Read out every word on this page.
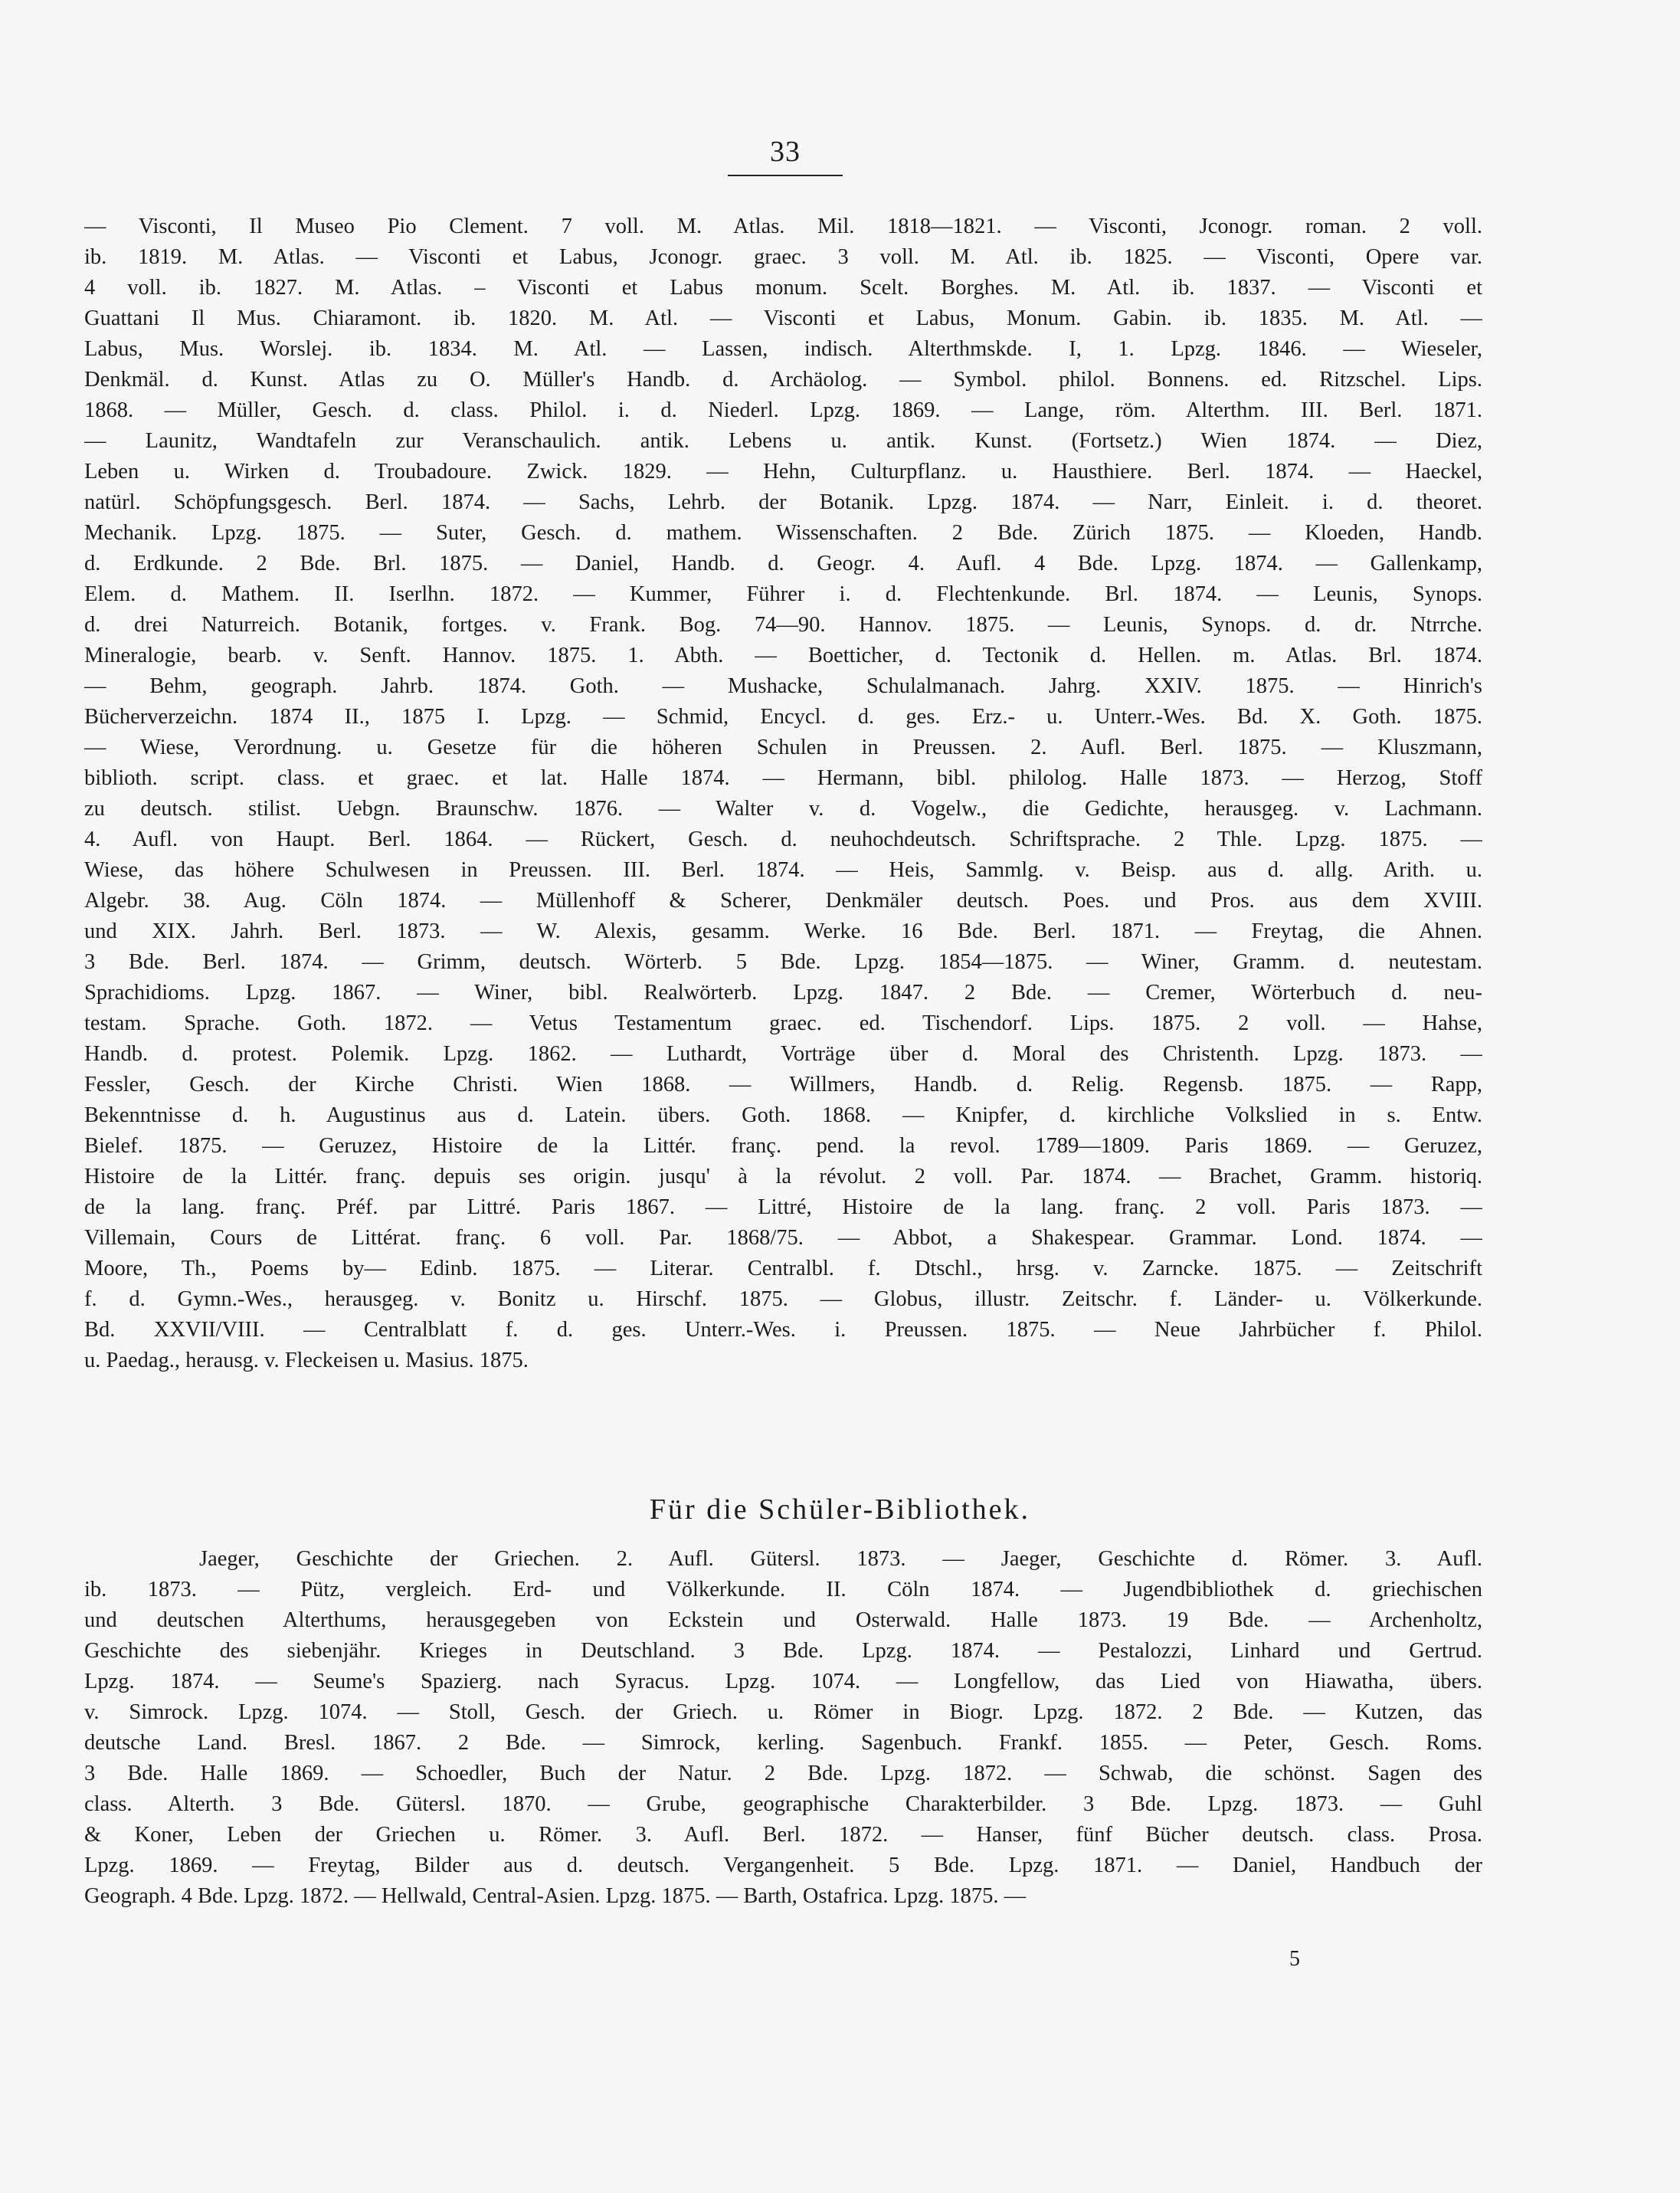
33
— Visconti, Il Museo Pio Clement. 7 voll. M. Atlas. Mil. 1818—1821. — Visconti, Jconogr. roman. 2 voll.
ib. 1819. M. Atlas. — Visconti et Labus, Jconogr. graec. 3 voll. M. Atl. ib. 1825. — Visconti, Opere var.
4 voll. ib. 1827. M. Atlas. – Visconti et Labus monum. Scelt. Borghes. M. Atl. ib. 1837. — Visconti et
Guattani Il Mus. Chiaramont. ib. 1820. M. Atl. — Visconti et Labus, Monum. Gabin. ib. 1835. M. Atl. —
Labus, Mus. Worslej. ib. 1834. M. Atl. — Lassen, indisch. Alterthmskde. I, 1. Lpzg. 1846. — Wieseler,
Denkmäl. d. Kunst. Atlas zu O. Müller's Handb. d. Archäolog. — Symbol. philol. Bonnens. ed. Ritzschel. Lips.
1868. — Müller, Gesch. d. class. Philol. i. d. Niederl. Lpzg. 1869. — Lange, röm. Alterthm. III. Berl. 1871.
— Launitz, Wandtafeln zur Veranschaulich. antik. Lebens u. antik. Kunst. (Fortsetz.) Wien 1874. — Diez,
Leben u. Wirken d. Troubadoure. Zwick. 1829. — Hehn, Culturpflanz. u. Hausthiere. Berl. 1874. — Haeckel,
natürl. Schöpfungsgesch. Berl. 1874. — Sachs, Lehrb. der Botanik. Lpzg. 1874. — Narr, Einleit. i. d. theoret.
Mechanik. Lpzg. 1875. — Suter, Gesch. d. mathem. Wissenschaften. 2 Bde. Zürich 1875. — Kloeden, Handb.
d. Erdkunde. 2 Bde. Brl. 1875. — Daniel, Handb. d. Geogr. 4. Aufl. 4 Bde. Lpzg. 1874. — Gallenkamp,
Elem. d. Mathem. II. Iserlhn. 1872. — Kummer, Führer i. d. Flechtenkunde. Brl. 1874. — Leunis, Synops.
d. drei Naturreich. Botanik, fortges. v. Frank. Bog. 74—90. Hannov. 1875. — Leunis, Synops. d. dr. Ntrrche.
Mineralogie, bearb. v. Senft. Hannov. 1875. 1. Abth. — Boetticher, d. Tectonik d. Hellen. m. Atlas. Brl. 1874.
— Behm, geograph. Jahrb. 1874. Goth. — Mushacke, Schulalmanach. Jahrg. XXIV. 1875. — Hinrich's
Bücherverzeichn. 1874 II., 1875 I. Lpzg. — Schmid, Encycl. d. ges. Erz.- u. Unterr.-Wes. Bd. X. Goth. 1875.
— Wiese, Verordnung. u. Gesetze für die höheren Schulen in Preussen. 2. Aufl. Berl. 1875. — Kluszmann,
biblioth. script. class. et graec. et lat. Halle 1874. — Hermann, bibl. philolog. Halle 1873. — Herzog, Stoff
zu deutsch. stilist. Uebgn. Braunschw. 1876. — Walter v. d. Vogelw., die Gedichte, herausgeg. v. Lachmann.
4. Aufl. von Haupt. Berl. 1864. — Rückert, Gesch. d. neuhochdeutsch. Schriftsprache. 2 Thle. Lpzg. 1875. —
Wiese, das höhere Schulwesen in Preussen. III. Berl. 1874. — Heis, Sammlg. v. Beisp. aus d. allg. Arith. u.
Algebr. 38. Aug. Cöln 1874. — Müllenhoff & Scherer, Denkmäler deutsch. Poes. und Pros. aus dem XVIII.
und XIX. Jahrh. Berl. 1873. — W. Alexis, gesamm. Werke. 16 Bde. Berl. 1871. — Freytag, die Ahnen.
3 Bde. Berl. 1874. — Grimm, deutsch. Wörterb. 5 Bde. Lpzg. 1854—1875. — Winer, Gramm. d. neutestam.
Sprachidioms. Lpzg. 1867. — Winer, bibl. Realwörterb. Lpzg. 1847. 2 Bde. — Cremer, Wörterbuch d. neu-
testam. Sprache. Goth. 1872. — Vetus Testamentum graec. ed. Tischendorf. Lips. 1875. 2 voll. — Hahse,
Handb. d. protest. Polemik. Lpzg. 1862. — Luthardt, Vorträge über d. Moral des Christenth. Lpzg. 1873. —
Fessler, Gesch. der Kirche Christi. Wien 1868. — Willmers, Handb. d. Relig. Regensb. 1875. — Rapp,
Bekenntnisse d. h. Augustinus aus d. Latein. übers. Goth. 1868. — Knipfer, d. kirchliche Volkslied in s. Entw.
Bielef. 1875. — Geruzez, Histoire de la Littér. franç. pend. la revol. 1789—1809. Paris 1869. — Geruzez,
Histoire de la Littér. franç. depuis ses origin. jusqu' à la révolut. 2 voll. Par. 1874. — Brachet, Gramm. historiq.
de la lang. franç. Préf. par Littré. Paris 1867. — Littré, Histoire de la lang. franç. 2 voll. Paris 1873. —
Villemain, Cours de Littérat. franç. 6 voll. Par. 1868/75. — Abbot, a Shakespear. Grammar. Lond. 1874. —
Moore, Th., Poems by— Edinb. 1875. — Literar. Centralbl. f. Dtschl., hrsg. v. Zarncke. 1875. — Zeitschrift
f. d. Gymn.-Wes., herausgeg. v. Bonitz u. Hirschf. 1875. — Globus, illustr. Zeitschr. f. Länder- u. Völkerkunde.
Bd. XXVII/VIII. — Centralblatt f. d. ges. Unterr.-Wes. i. Preussen. 1875. — Neue Jahrbücher f. Philol.
u. Paedag., herausg. v. Fleckeisen u. Masius. 1875.
Für die Schüler-Bibliothek.
Jaeger, Geschichte der Griechen. 2. Aufl. Gütersl. 1873. — Jaeger, Geschichte d. Römer. 3. Aufl.
ib. 1873. — Pütz, vergleich. Erd- und Völkerkunde. II. Cöln 1874. — Jugendbibliothek d. griechischen
und deutschen Alterthums, herausgegeben von Eckstein und Osterwald. Halle 1873. 19 Bde. — Archenholtz,
Geschichte des siebenjähr. Krieges in Deutschland. 3 Bde. Lpzg. 1874. — Pestalozzi, Linhard und Gertrud.
Lpzg. 1874. — Seume's Spazierg. nach Syracus. Lpzg. 1074. — Longfellow, das Lied von Hiawatha, übers.
v. Simrock. Lpzg. 1074. — Stoll, Gesch. der Griech. u. Römer in Biogr. Lpzg. 1872. 2 Bde. — Kutzen, das
deutsche Land. Bresl. 1867. 2 Bde. — Simrock, kerling. Sagenbuch. Frankf. 1855. — Peter, Gesch. Roms.
3 Bde. Halle 1869. — Schoedler, Buch der Natur. 2 Bde. Lpzg. 1872. — Schwab, die schönst. Sagen des
class. Alterth. 3 Bde. Gütersl. 1870. — Grube, geographische Charakterbilder. 3 Bde. Lpzg. 1873. — Guhl
& Koner, Leben der Griechen u. Römer. 3. Aufl. Berl. 1872. — Hanser, fünf Bücher deutsch. class. Prosa.
Lpzg. 1869. — Freytag, Bilder aus d. deutsch. Vergangenheit. 5 Bde. Lpzg. 1871. — Daniel, Handbuch der
Geograph. 4 Bde. Lpzg. 1872. — Hellwald, Central-Asien. Lpzg. 1875. — Barth, Ostafrica. Lpzg. 1875. —
5
